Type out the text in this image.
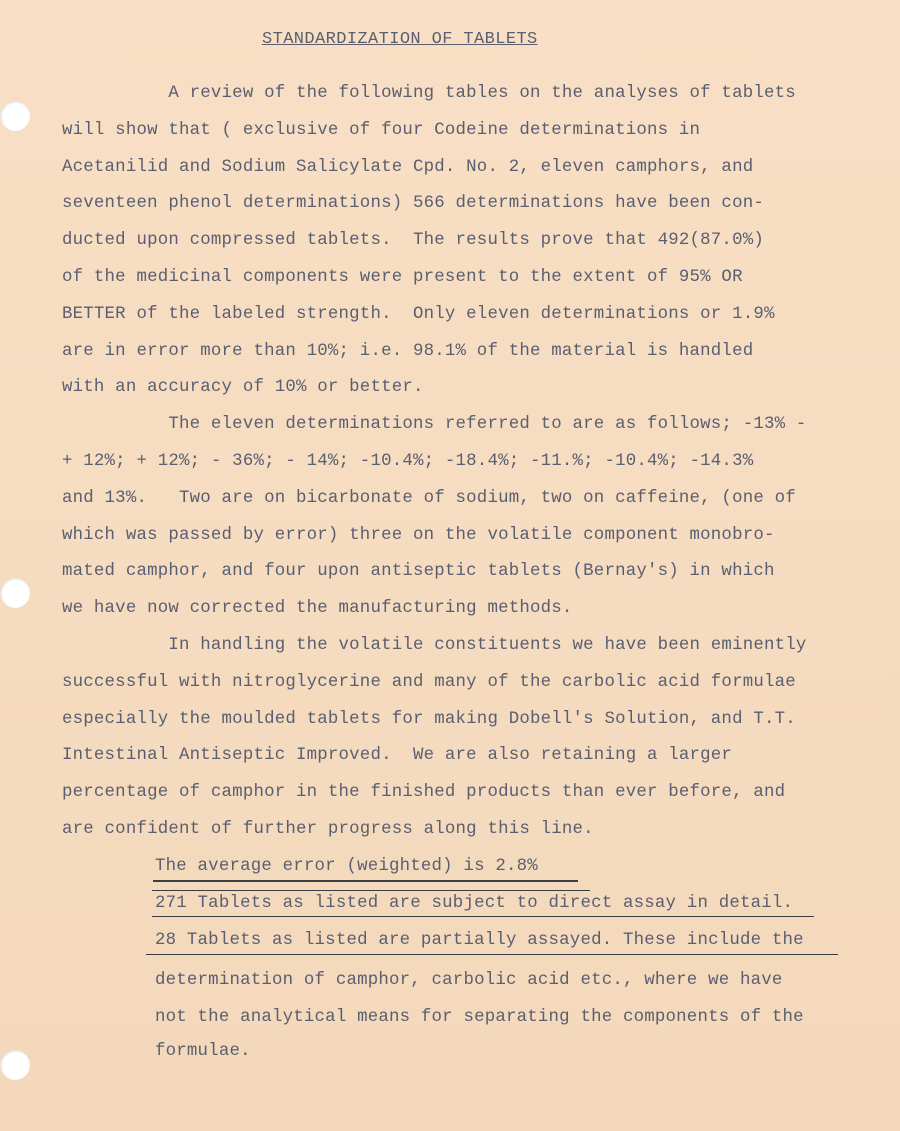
STANDARDIZATION OF TABLETS
A review of the following tables on the analyses of tablets
will show that ( exclusive of four Codeine determinations in
Acetanilid and Sodium Salicylate Cpd. No. 2, eleven camphors, and
seventeen phenol determinations) 566 determinations have been con-
ducted upon compressed tablets.  The results prove that 492(87.0%)
of the medicinal components were present to the extent of 95% OR
BETTER of the labeled strength.  Only eleven determinations or 1.9%
are in error more than 10%; i.e. 98.1% of the material is handled
with an accuracy of 10% or better.
The eleven determinations referred to are as follows; -13% -
+ 12%; + 12%; - 36%; - 14%; -10.4%; -18.4%; -11.%; -10.4%; -14.3%
and 13%.   Two are on bicarbonate of sodium, two on caffeine, (one of
which was passed by error) three on the volatile component monobro-
mated camphor, and four upon antiseptic tablets (Bernay's) in which
we have now corrected the manufacturing methods.
In handling the volatile constituents we have been eminently
successful with nitroglycerine and many of the carbolic acid formulae
especially the moulded tablets for making Dobell's Solution, and T.T.
Intestinal Antiseptic Improved.  We are also retaining a larger
percentage of camphor in the finished products than ever before, and
are confident of further progress along this line.
The average error (weighted) is 2.8%
271 Tablets as listed are subject to direct assay in detail.
28 Tablets as listed are partially assayed. These include the
determination of camphor, carbolic acid etc., where we have
not the analytical means for separating the components of the
formulae.
